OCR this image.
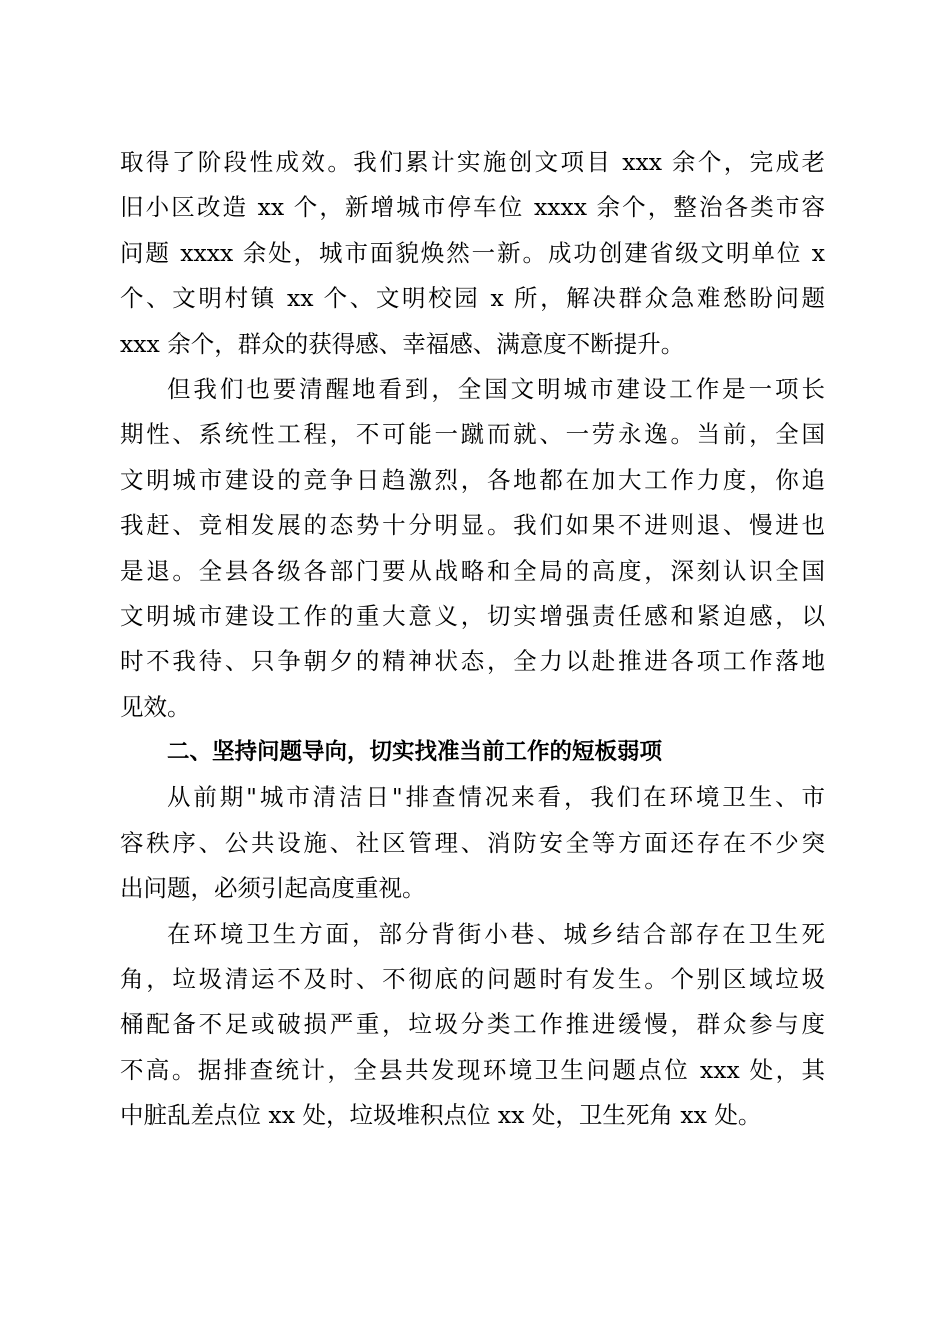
取得了阶段性成效。我们累计实施创文项目 xxx 余个，完成老
旧小区改造 xx 个，新增城市停车位 xxxx 余个，整治各类市容
问题 xxxx 余处，城市面貌焕然一新。成功创建省级文明单位 x
个、文明村镇 xx 个、文明校园 x 所，解决群众急难愁盼问题
xxx 余个，群众的获得感、幸福感、满意度不断提升。
但我们也要清醒地看到，全国文明城市建设工作是一项长
期性、系统性工程，不可能一蹴而就、一劳永逸。当前，全国
文明城市建设的竞争日趋激烈，各地都在加大工作力度，你追
我赶、竞相发展的态势十分明显。我们如果不进则退、慢进也
是退。全县各级各部门要从战略和全局的高度，深刻认识全国
文明城市建设工作的重大意义，切实增强责任感和紧迫感，以
时不我待、只争朝夕的精神状态，全力以赴推进各项工作落地
见效。
二、坚持问题导向，切实找准当前工作的短板弱项
从前期"城市清洁日"排查情况来看，我们在环境卫生、市
容秩序、公共设施、社区管理、消防安全等方面还存在不少突
出问题，必须引起高度重视。
在环境卫生方面，部分背街小巷、城乡结合部存在卫生死
角，垃圾清运不及时、不彻底的问题时有发生。个别区域垃圾
桶配备不足或破损严重，垃圾分类工作推进缓慢，群众参与度
不高。据排查统计，全县共发现环境卫生问题点位 xxx 处，其
中脏乱差点位 xx 处，垃圾堆积点位 xx 处，卫生死角 xx 处。
